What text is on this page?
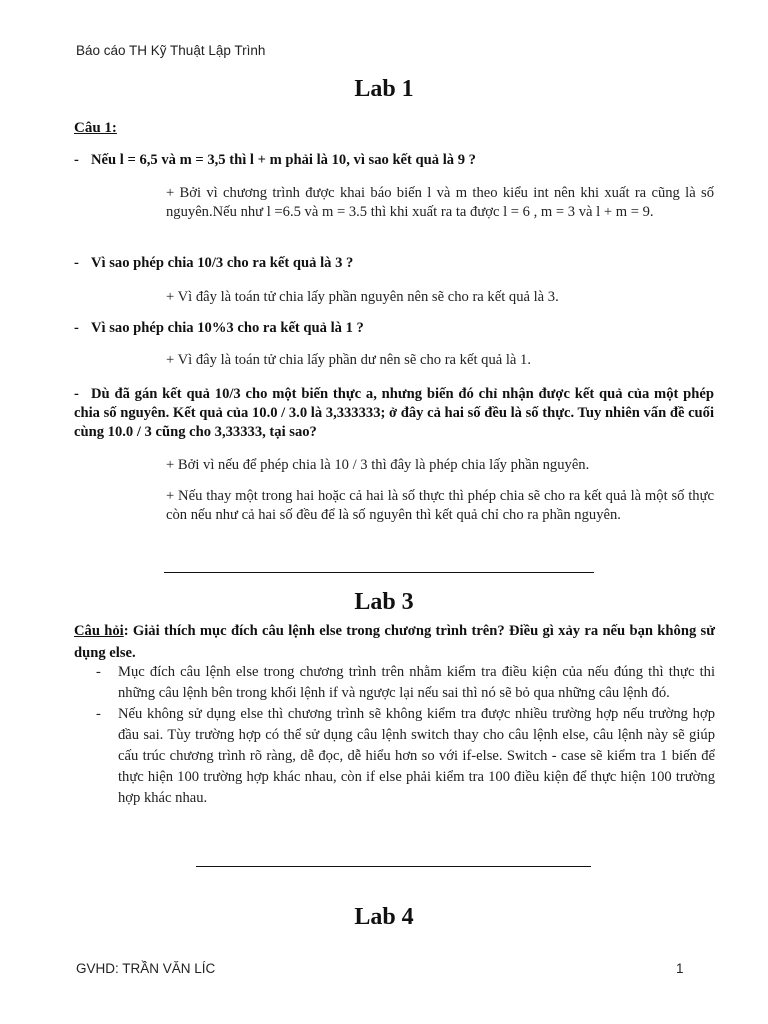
Báo cáo TH Kỹ Thuật Lập Trình
Lab 1
Câu 1:
- Nếu l = 6,5 và m = 3,5 thì l + m phải là 10, vì sao kết quả là 9 ?
+ Bởi vì chương trình được khai báo biến l và m theo kiểu int nên khi xuất ra cũng là số nguyên.Nếu như l =6.5 và m = 3.5 thì khi xuất ra ta được l = 6 , m = 3 và l + m = 9.
- Vì sao phép chia 10/3 cho ra kết quả là 3 ?
+ Vì đây là toán tử chia lấy phần nguyên nên sẽ cho ra kết quả là 3.
- Vì sao phép chia 10%3 cho ra kết quả là 1 ?
+ Vì đây là toán tử chia lấy phần dư nên sẽ cho ra kết quả là 1.
- Dù đã gán kết quả 10/3 cho một biến thực a, nhưng biến đó chỉ nhận được kết quả của một phép chia số nguyên. Kết quả của 10.0 / 3.0 là 3,333333; ở đây cả hai số đều là số thực. Tuy nhiên vấn đề cuối cùng 10.0 / 3 cũng cho 3,33333, tại sao?
+ Bởi vì nếu để phép chia là 10 / 3 thì đây là phép chia lấy phần nguyên.
+ Nếu thay một trong hai hoặc cả hai là số thực thì phép chia sẽ cho ra kết quả là một số thực còn nếu như cả hai số đều để là số nguyên thì kết quả chỉ cho ra phần nguyên.
Lab 3
Câu hỏi: Giải thích mục đích câu lệnh else trong chương trình trên? Điều gì xảy ra nếu bạn không sử dụng else.
- Mục đích câu lệnh else trong chương trình trên nhằm kiểm tra điều kiện của nếu đúng thì thực thi những câu lệnh bên trong khối lệnh if và ngược lại nếu sai thì nó sẽ bỏ qua những câu lệnh đó.
- Nếu không sử dụng else thì chương trình sẽ không kiểm tra được nhiều trường hợp nếu trường hợp đầu sai. Tùy trường hợp có thể sử dụng câu lệnh switch thay cho câu lệnh else, câu lệnh này sẽ giúp cấu trúc chương trình rõ ràng, dễ đọc, dễ hiểu hơn so với if-else. Switch - case sẽ kiểm tra 1 biến để thực hiện 100 trường hợp khác nhau, còn if else phải kiểm tra 100 điều kiện để thực hiện 100 trường hợp khác nhau.
Lab 4
GVHD: TRẦN VĂN LÍC	1
